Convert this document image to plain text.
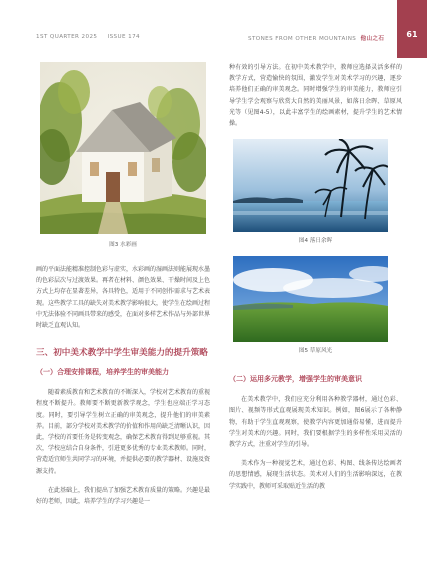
1ST QUARTER 2025 ISSUE 174	STONES FROM OTHER MOUNTAINS 他山之石	61
图3 水彩画

画的平面法能精准控制色彩与虚实，水彩画的湿画法则能展现水墨的色彩层次与过渡效果。再者在材料、颜色效果、干燥时间及上色方式上均存在显著差异，各具特色，适用于不同创作需求与艺术表现。这些教学工具的缺失对美术教学影响很大，使学生在绘画过程中无法体验不同画具带来的感受，在面对多样艺术作品与外部世界时缺乏直观认知。

三、初中美术教学中学生审美能力的提升策略
（一）合理安排课程，培养学生的审美能力

随着素质教育和艺术教育的不断深入，学校对艺术教育的重视程度不断提升。教师要不断更新教学观念，学生也应端正学习态度。同时，要引导学生树立正确的审美观念，提升他们的审美素养。目前，部分学校对美术教学的价值和作用尚缺乏清晰认识，因此，学校的首要任务是转变观念，确保艺术教育得到足够重视。其次，学校应结合自身条件，引进更多优秀的专业美术教师。同时，营造适宜师生共同学习的环境，并提供必要的教学器材、设施及资源支持。

在此基础上，我们提出了加强艺术教育质量的策略。兴趣是最好的老师，因此，培养学生的学习兴趣是一

种有效的引导方法。在初中美术教学中，教师应选择灵活多样的教学方式，营造愉快的氛围，激发学生对美术学习的兴趣，逐步培养他们正确的审美观念。同时增强学生的审美能力，教师应引导学生学会观察与欣赏大自然的美丽风景，如落日余晖、草原风光等（见图4-5），以此丰富学生的绘画素材，提升学生的艺术情操。

图4 落日余晖
图5 草原风光
（二）运用多元教学，增强学生的审美意识

在美术教学中，我们应充分利用各种教学器材，通过色彩、图片、视频等形式直观展现美术知识。例如，图6展示了各种静物，有助于学生直观观察，使教学内容更加通俗易懂，进而提升学生对美术的兴趣。同时，我们要根据学生的多样性采用灵活的教学方式，注重对学生的引导。

美术作为一种视觉艺术，通过色彩、构图、线条传达绘画者的思想情感，展现生活状态。美术对人们的生活影响深远，在教学实践中，教师可采取贴近生活的教
